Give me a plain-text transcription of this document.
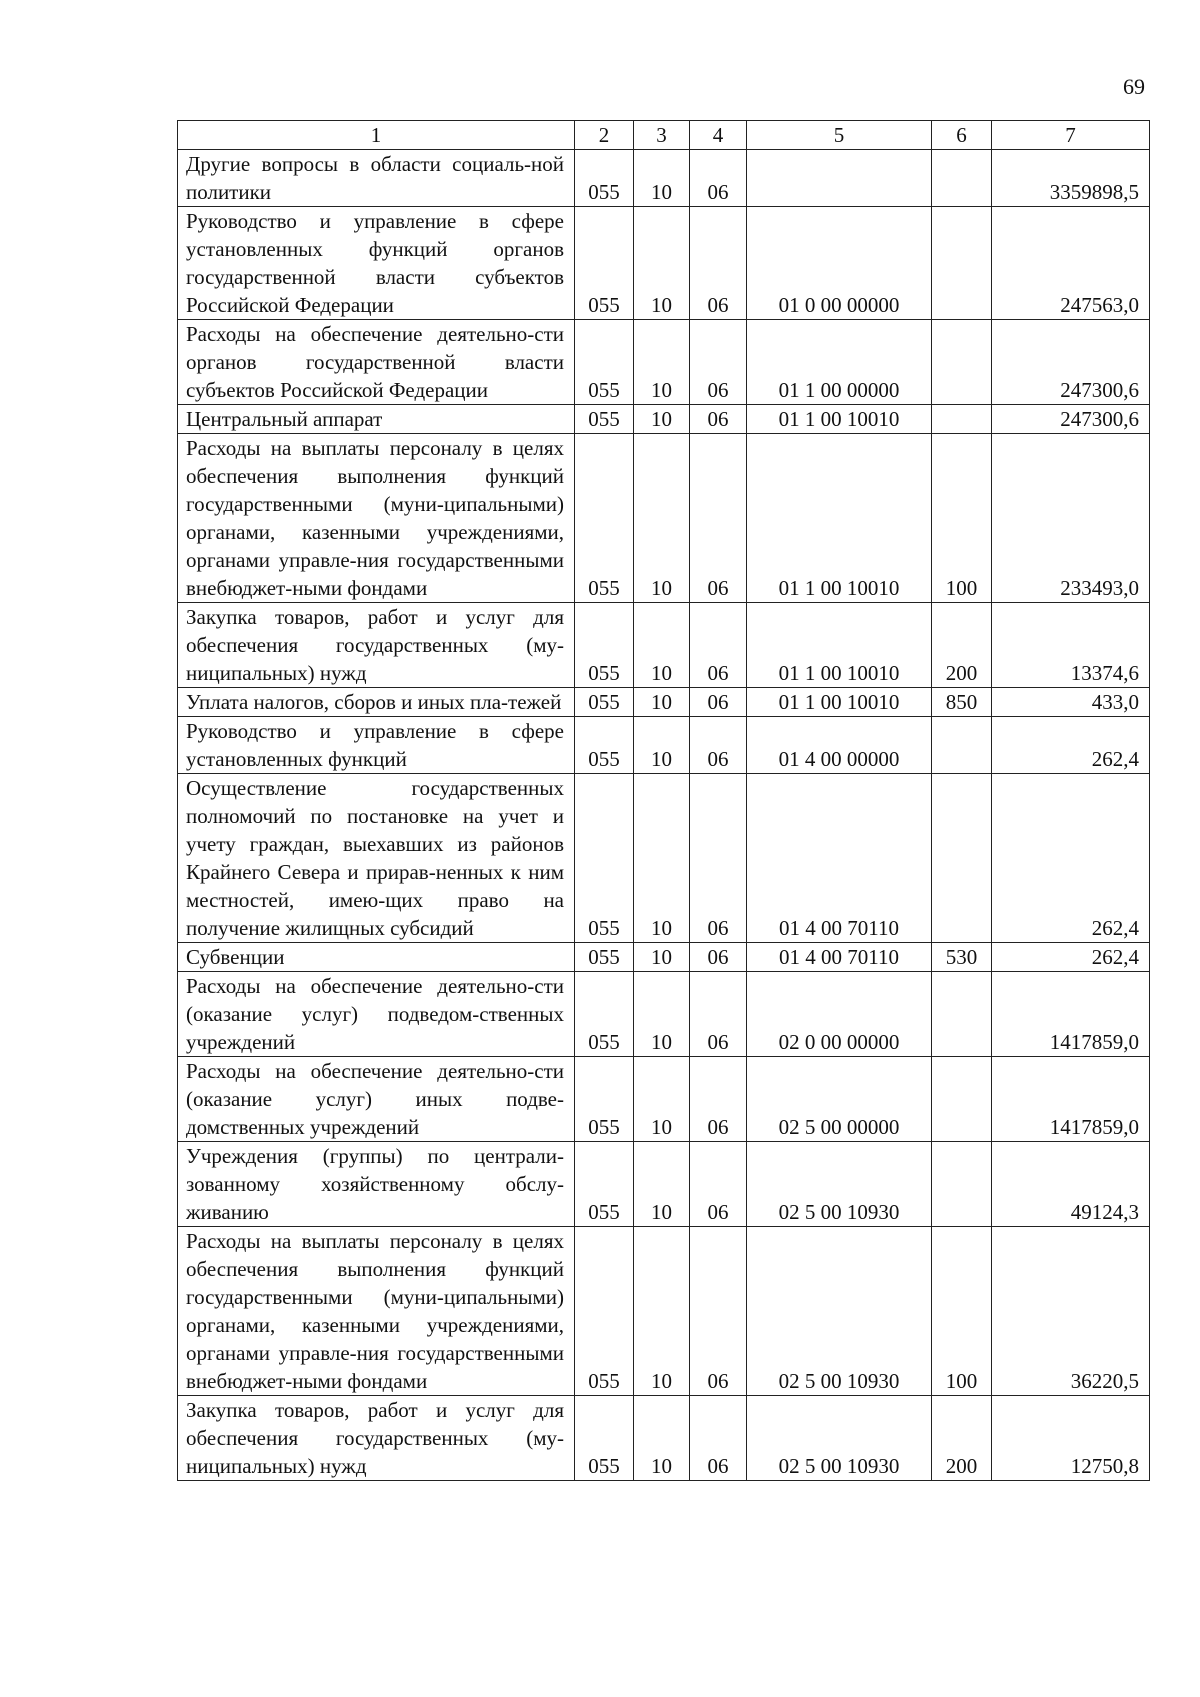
69
1	2	3	4	5	6	7
Другие вопросы в области социаль-ной политики	055	10	06			3359898,5
Руководство и управление в сфере установленных функций органов государственной власти субъектов Российской Федерации	055	10	06	01 0 00 00000		247563,0
Расходы на обеспечение деятельно-сти органов государственной власти субъектов Российской Федерации	055	10	06	01 1 00 00000		247300,6
Центральный аппарат	055	10	06	01 1 00 10010		247300,6
Расходы на выплаты персоналу в целях обеспечения выполнения функций государственными (муни-ципальными) органами, казенными учреждениями, органами управле-ния государственными внебюджет-ными фондами	055	10	06	01 1 00 10010	100	233493,0
Закупка товаров, работ и услуг для обеспечения государственных (му-ниципальных) нужд	055	10	06	01 1 00 10010	200	13374,6
Уплата налогов, сборов и иных пла-тежей	055	10	06	01 1 00 10010	850	433,0
Руководство и управление в сфере установленных функций	055	10	06	01 4 00 00000		262,4
Осуществление государственных полномочий по постановке на учет и учету граждан, выехавших из районов Крайнего Севера и прирав-ненных к ним местностей, имею-щих право на получение жилищных субсидий	055	10	06	01 4 00 70110		262,4
Субвенции	055	10	06	01 4 00 70110	530	262,4
Расходы на обеспечение деятельно-сти (оказание услуг) подведом-ственных учреждений	055	10	06	02 0 00 00000		1417859,0
Расходы на обеспечение деятельно-сти (оказание услуг) иных подве-домственных учреждений	055	10	06	02 5 00 00000		1417859,0
Учреждения (группы) по централи-зованному хозяйственному обслу-живанию	055	10	06	02 5 00 10930		49124,3
Расходы на выплаты персоналу в целях обеспечения выполнения функций государственными (муни-ципальными) органами, казенными учреждениями, органами управле-ния государственными внебюджет-ными фондами	055	10	06	02 5 00 10930	100	36220,5
Закупка товаров, работ и услуг для обеспечения государственных (му-ниципальных) нужд	055	10	06	02 5 00 10930	200	12750,8
